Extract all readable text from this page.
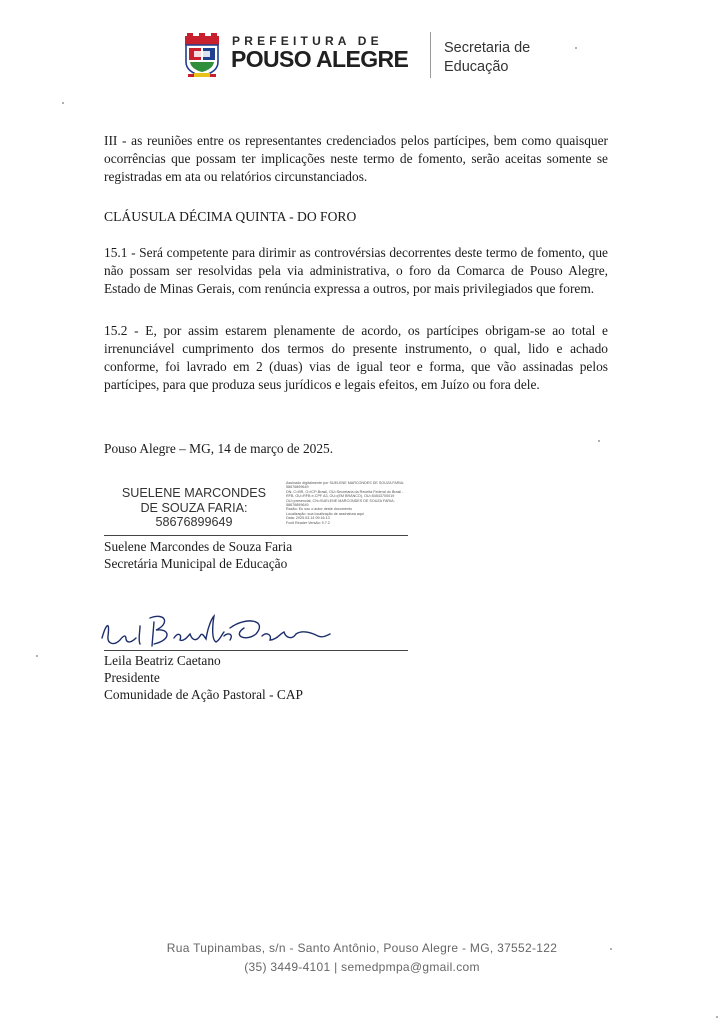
PREFEITURA DE
POUSO ALEGRE Secretaria de
Educação

III - as reuniões entre os representantes credenciados pelos partícipes, bem como quaisquer ocorrências que possam ter implicações neste termo de fomento, serão aceitas somente se registradas em ata ou relatórios circunstanciados.

CLÁUSULA DÉCIMA QUINTA - DO FORO

15.1 - Será competente para dirimir as controvérsias decorrentes deste termo de fomento, que não possam ser resolvidas pela via administrativa, o foro da Comarca de Pouso Alegre, Estado de Minas Gerais, com renúncia expressa a outros, por mais privilegiados que forem.

15.2 - E, por assim estarem plenamente de acordo, os partícipes obrigam-se ao total e irrenunciável cumprimento dos termos do presente instrumento, o qual, lido e achado conforme, foi lavrado em 2 (duas) vias de igual teor e forma, que vão assinadas pelos partícipes, para que produza seus jurídicos e legais efeitos, em Juízo ou fora dele.

Pouso Alegre – MG, 14 de março de 2025.
SUELENE MARCONDES
DE SOUZA FARIA:
58676899649
Assinado digitalmente por SUELENE MARCONDES DE SOUZA FARIA:
58676899649
DN: C=BR, O=ICP-Brasil, OU=Secretaria da Receita Federal do Brasil -
RFB, OU=RFB e-CPF A3, OU=(EM BRANCO), OU=54543700019
OU=presencial, CN=SUELENE MARCONDES DE SOUZA FARIA:
58676899649
Razão: Eu sou o autor deste documento
Localização: sua localização de assinatura aqui
Data: 2025.03.14 09:16:13
Foxit Reader Versão: 9.7.2
Suelene Marcondes de Souza Faria
Secretária Municipal de Educação
Leila Beatriz Caetano
Presidente
Comunidade de Ação Pastoral - CAP
Rua Tupinambas, s/n - Santo Antônio, Pouso Alegre - MG, 37552-122
(35) 3449-4101 | semedpmpa@gmail.com
